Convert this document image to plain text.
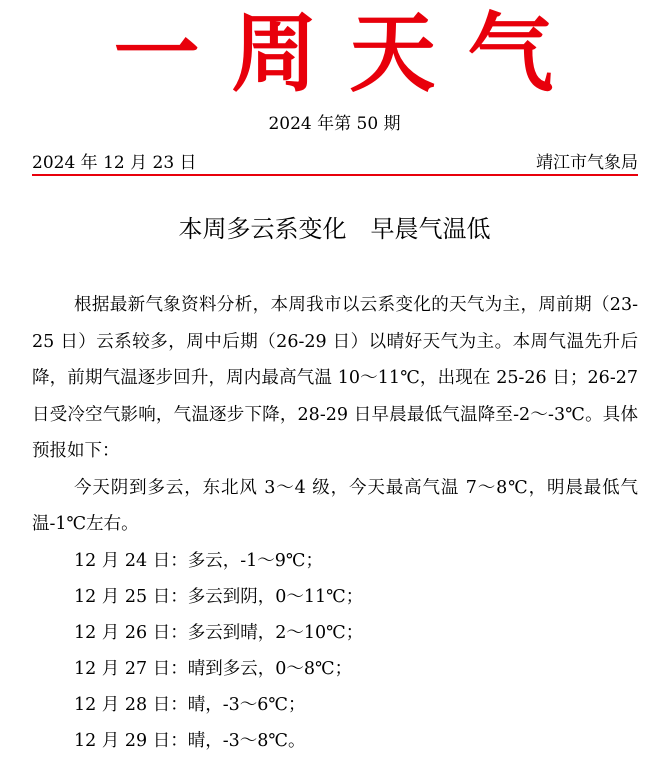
一周天气
2024 年第 50 期
2024 年 12 月 23 日	靖江市气象局
本周多云系变化　早晨气温低

根据最新气象资料分析，本周我市以云系变化的天气为主，周前期（23-25 日）云系较多，周中后期（26-29 日）以晴好天气为主。本周气温先升后降，前期气温逐步回升，周内最高气温 10～11℃，出现在 25-26 日；26-27 日受冷空气影响，气温逐步下降，28-29 日早晨最低气温降至-2～-3℃。具体预报如下：

今天阴到多云，东北风 3～4 级，今天最高气温 7～8℃，明晨最低气温-1℃左右。

12 月 24 日：多云，-1～9℃；
12 月 25 日：多云到阴，0～11℃；
12 月 26 日：多云到晴，2～10℃；
12 月 27 日：晴到多云，0～8℃；
12 月 28 日：晴，-3～6℃；
12 月 29 日：晴，-3～8℃。
